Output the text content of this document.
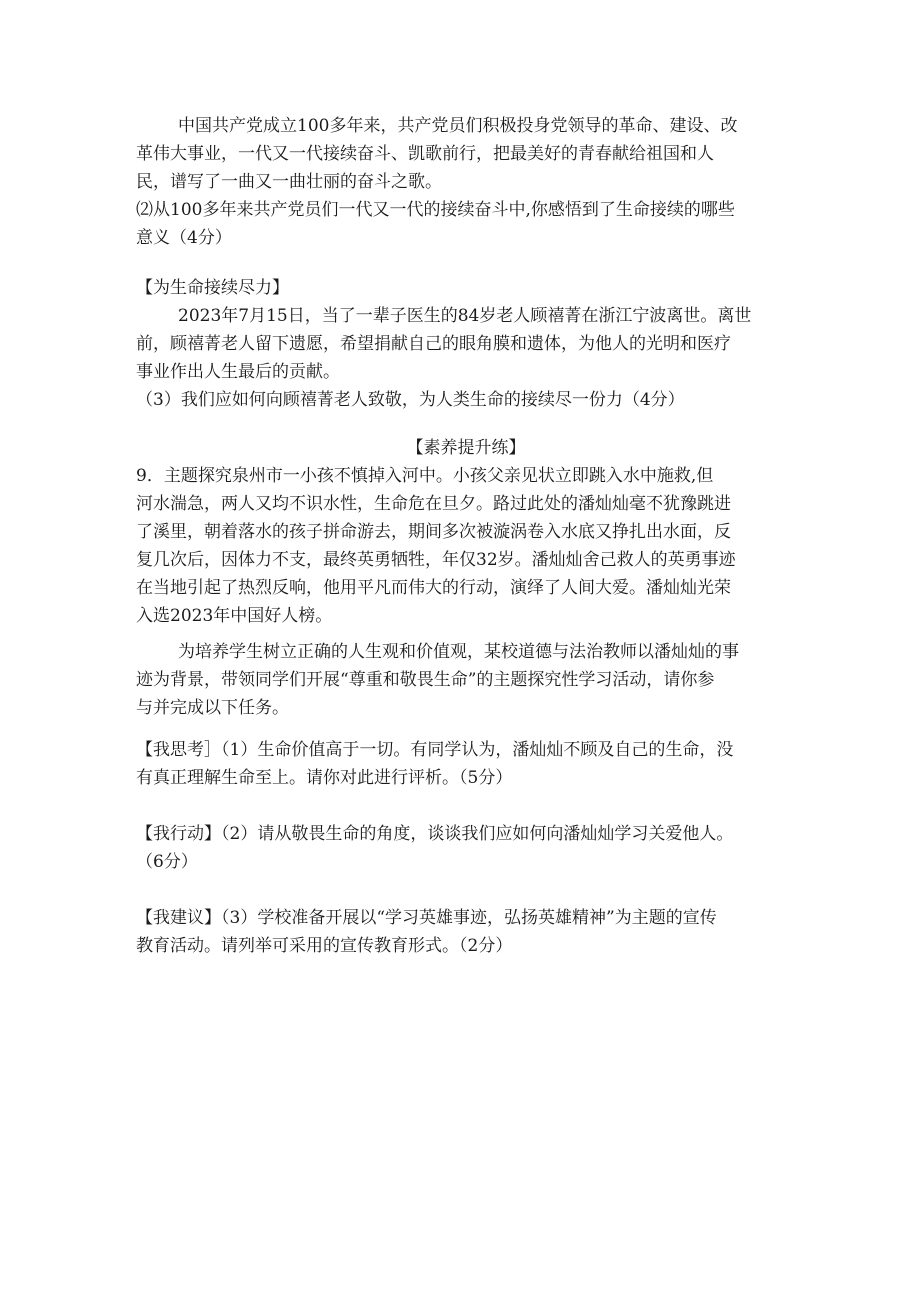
中国共产党成立100多年来，共产党员们积极投身党领导的革命、建设、改
革伟大事业，一代又一代接续奋斗、凯歌前行，把最美好的青春献给祖国和人
民，谱写了一曲又一曲壮丽的奋斗之歌。
⑵从100多年来共产党员们一代又一代的接续奋斗中,你感悟到了生命接续的哪些
意义（4分）
【为生命接续尽力】
2023年7月15日，当了一辈子医生的84岁老人顾禧菁在浙江宁波离世。离世
前，顾禧菁老人留下遗愿，希望捐献自己的眼角膜和遗体，为他人的光明和医疗
事业作出人生最后的贡献。
（3）我们应如何向顾禧菁老人致敬，为人类生命的接续尽一份力（4分）
【素养提升练】
9．主题探究泉州市一小孩不慎掉入河中。小孩父亲见状立即跳入水中施救,但
河水湍急，两人又均不识水性，生命危在旦夕。路过此处的潘灿灿毫不犹豫跳进
了溪里，朝着落水的孩子拼命游去，期间多次被漩涡卷入水底又挣扎出水面，反
复几次后，因体力不支，最终英勇牺牲，年仅32岁。潘灿灿舍己救人的英勇事迹
在当地引起了热烈反响，他用平凡而伟大的行动，演绎了人间大爱。潘灿灿光荣
入选2023年中国好人榜。
为培养学生树立正确的人生观和价值观，某校道德与法治教师以潘灿灿的事
迹为背景，带领同学们开展“尊重和敬畏生命”的主题探究性学习活动，请你参
与并完成以下任务。
【我思考］（1）生命价值高于一切。有同学认为，潘灿灿不顾及自己的生命，没
有真正理解生命至上。请你对此进行评析。（5分）
【我行动】（2）请从敬畏生命的角度，谈谈我们应如何向潘灿灿学习关爱他人。
（6分）
【我建议】（3）学校准备开展以“学习英雄事迹，弘扬英雄精神”为主题的宣传
教育活动。请列举可采用的宣传教育形式。（2分）
